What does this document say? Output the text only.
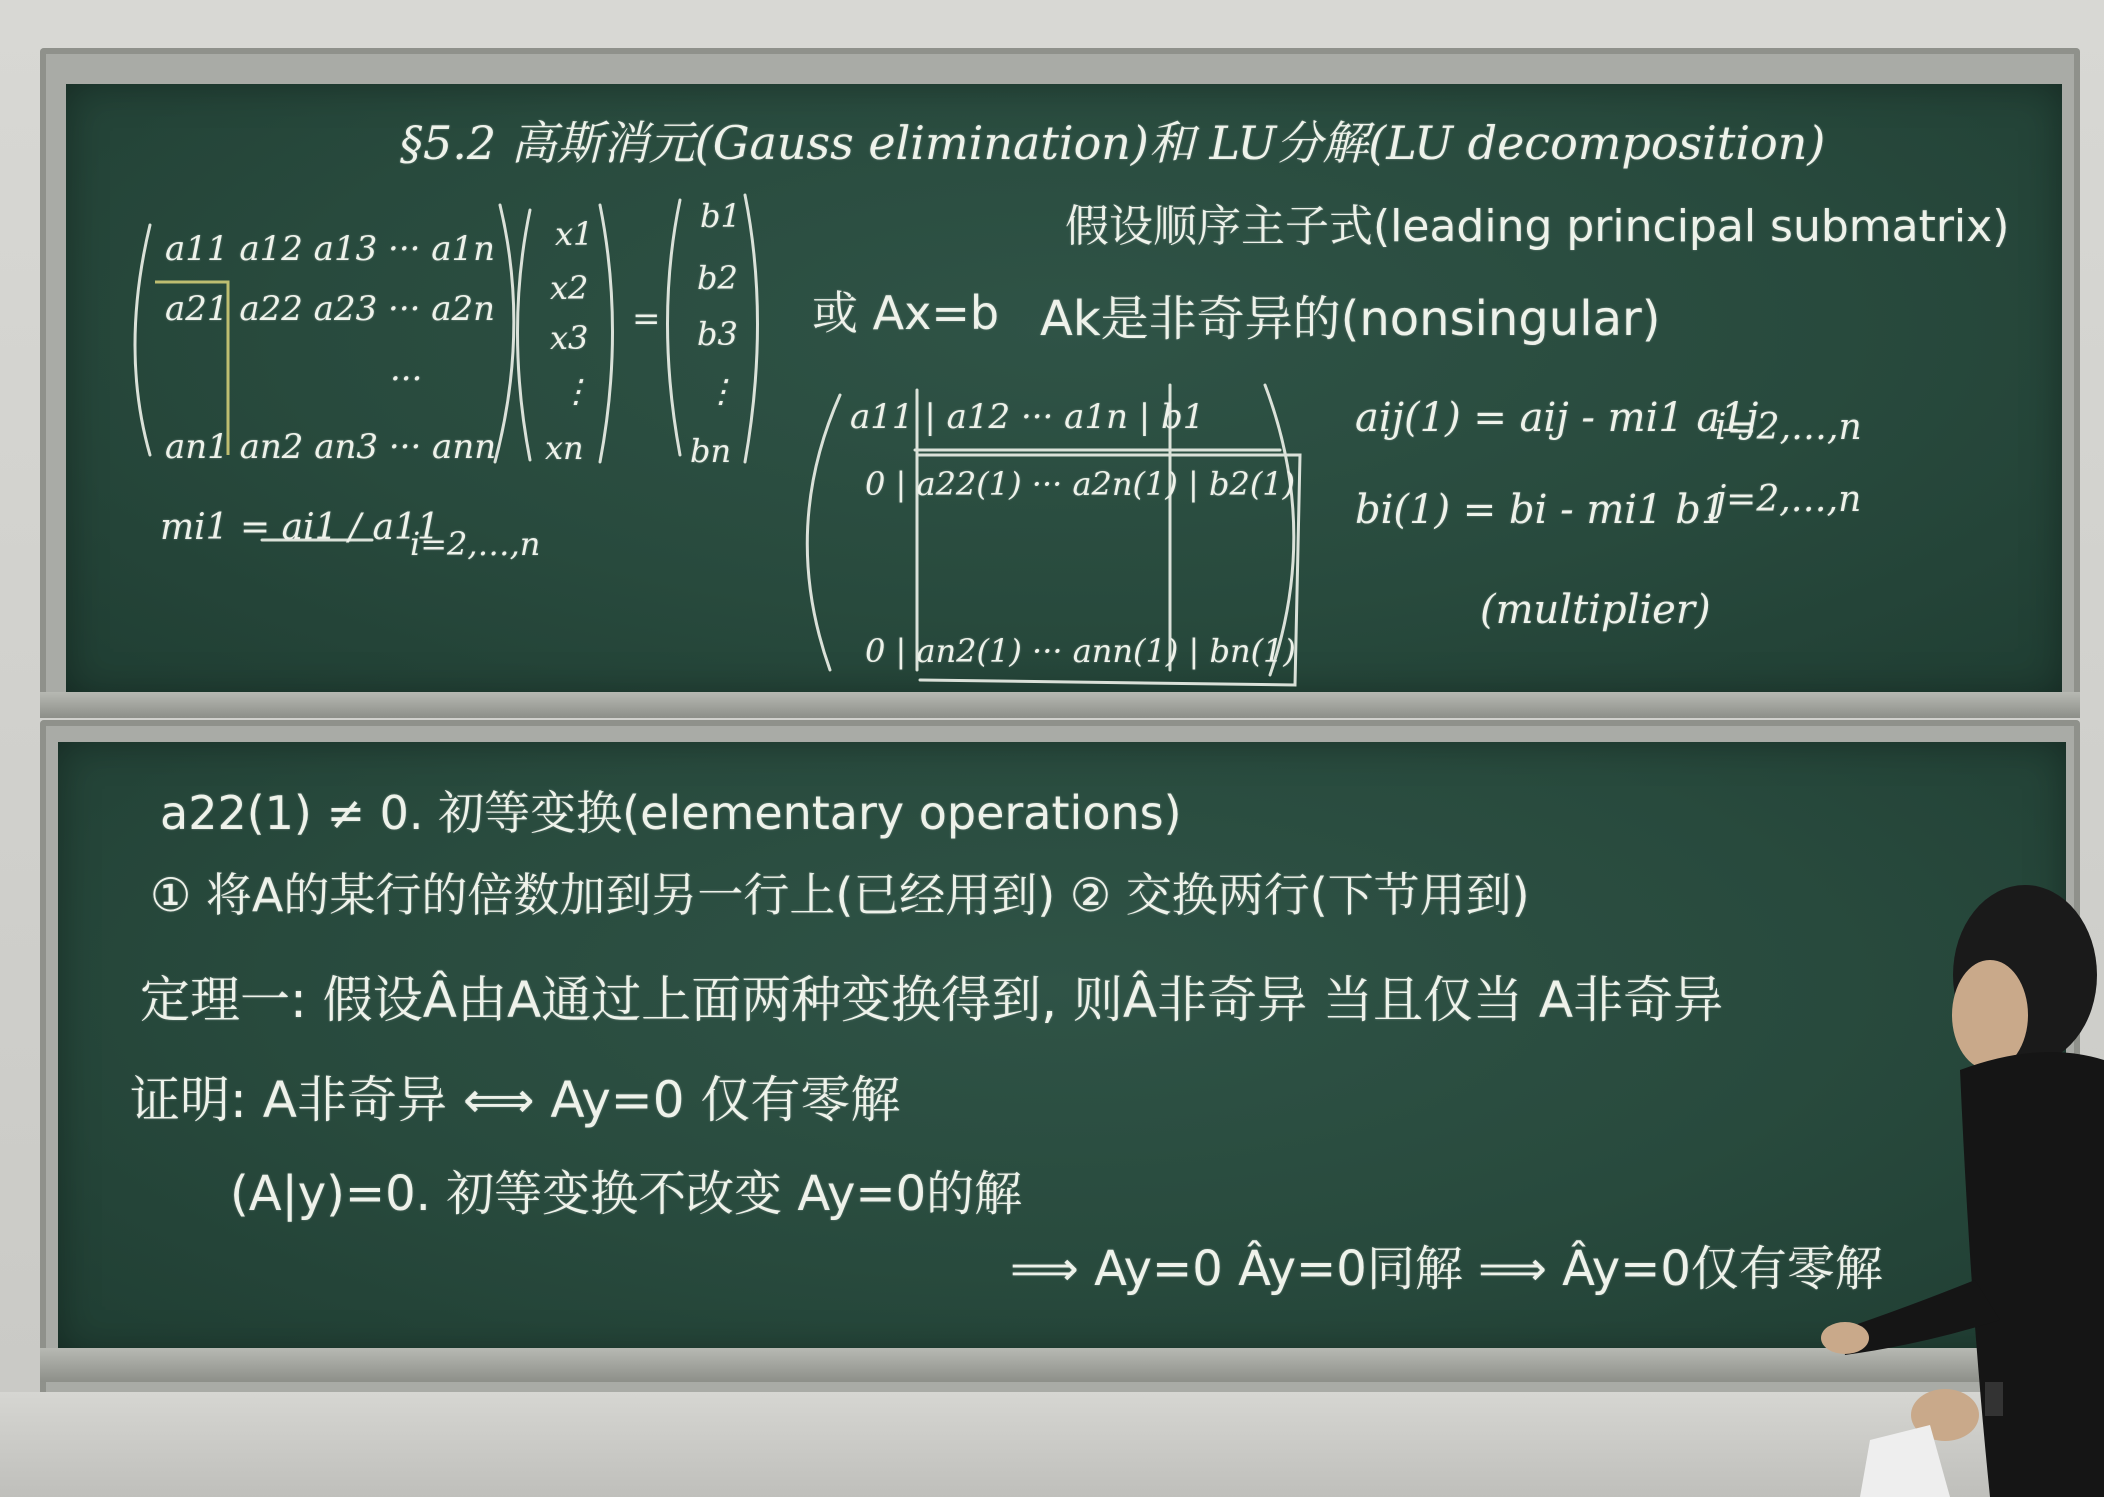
§5.2 高斯消元(Gauss elimination)和 LU分解(LU decomposition)
a11 a12 a13 ··· a1n
a21 a22 a23 ··· a2n
···
an1 an2 an3 ··· ann
x1
x2
x3
⋮
xn
=
b1
b2
b3
⋮
bn
或 Ax=b
mi1 = ai1 / a11
i=2,…,n
假设顺序主子式(leading principal submatrix)
Ak是非奇异的(nonsingular)
a11 | a12 ··· a1n | b1
0 | a22(1) ··· a2n(1) | b2(1)
0 | an2(1) ··· ann(1) | bn(1)
aij(1) = aij - mi1 a1j
bi(1) = bi - mi1 b1
i=2,…,n
j=2,…,n
(multiplier)
a22(1) ≠ 0. 初等变换(elementary operations)
① 将A的某行的倍数加到另一行上(已经用到) ② 交换两行(下节用到)
定理一: 假设Â由A通过上面两种变换得到, 则Â非奇异 当且仅当 A非奇异
证明: A非奇异 ⟺ Ay=0 仅有零解
(A|y)=0. 初等变换不改变 Ay=0的解
⟹ Ay=0 Ây=0同解 ⟹ Ây=0仅有零解
